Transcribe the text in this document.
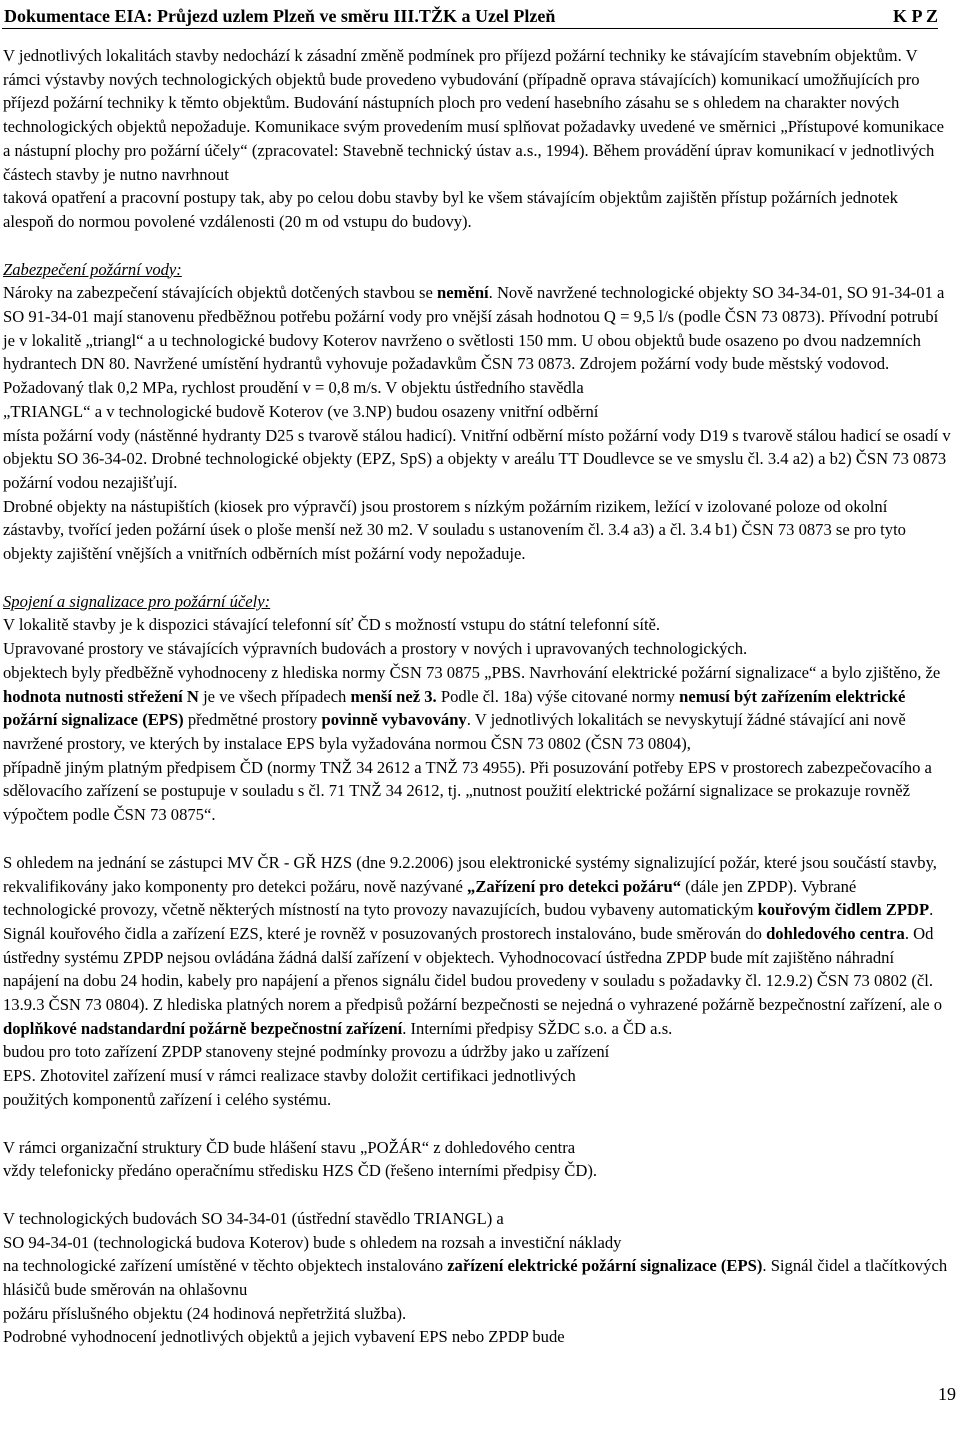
Dokumentace EIA: Průjezd uzlem Plzeň ve směru III.TŽK a Uzel Plzeň	K P Z

V jednotlivých lokalitách stavby nedochází k zásadní změně podmínek pro příjezd požární techniky ke stávajícím stavebním objektům. V rámci výstavby nových technologických objektů bude provedeno vybudování (případně oprava stávajících) komunikací umožňujících pro příjezd požární techniky k těmto objektům. Budování nástupních ploch pro vedení hasebního zásahu se s ohledem na charakter nových technologických objektů nepožaduje. Komunikace svým provedením musí splňovat požadavky uvedené ve směrnici „Přístupové komunikace a nástupní plochy pro požární účely“ (zpracovatel: Stavebně technický ústav a.s., 1994). Během provádění úprav komunikací v jednotlivých částech stavby je nutno navrhnout

taková opatření a pracovní postupy tak, aby po celou dobu stavby byl ke všem stávajícím objektům zajištěn přístup požárních jednotek alespoň do normou povolené vzdálenosti (20 m od vstupu do budovy).

Zabezpečení požární vody:

Nároky na zabezpečení stávajících objektů dotčených stavbou se nemění. Nově navržené technologické objekty SO 34-34-01, SO 91-34-01 a SO 91-34-01 mají stanovenu předběžnou potřebu požární vody pro vnější zásah hodnotou Q = 9,5 l/s (podle ČSN 73 0873). Přívodní potrubí je v lokalitě „triangl“ a u technologické budovy Koterov navrženo o světlosti 150 mm. U obou objektů bude osazeno po dvou nadzemních hydrantech DN 80. Navržené umístění hydrantů vyhovuje požadavkům ČSN 73 0873. Zdrojem požární vody bude městský vodovod. Požadovaný tlak 0,2 MPa, rychlost proudění v = 0,8 m/s. V objektu ústředního stavědla

„TRIANGL“ a v technologické budově Koterov (ve 3.NP) budou osazeny vnitřní odběrní

místa požární vody (nástěnné hydranty D25 s tvarově stálou hadicí). Vnitřní odběrní místo požární vody D19 s tvarově stálou hadicí se osadí v objektu SO 36-34-02. Drobné technologické objekty (EPZ, SpS) a objekty v areálu TT Doudlevce se ve smyslu čl. 3.4 a2) a b2) ČSN 73 0873 požární vodou nezajišťují.

Drobné objekty na nástupištích (kiosek pro výpravčí) jsou prostorem s nízkým požárním rizikem, ležící v izolované poloze od okolní zástavby, tvořící jeden požární úsek o ploše menší než 30 m2. V souladu s ustanovením čl. 3.4 a3) a čl. 3.4 b1) ČSN 73 0873 se pro tyto objekty zajištění vnějších a vnitřních odběrních míst požární vody nepožaduje.

Spojení a signalizace pro požární účely:

V lokalitě stavby je k dispozici stávající telefonní síť ČD s možností vstupu do státní telefonní sítě.

Upravované prostory ve stávajících výpravních budovách a prostory v nových i upravovaných technologických.

objektech byly předběžně vyhodnoceny z hlediska normy ČSN 73 0875 „PBS. Navrhování elektrické požární signalizace“ a bylo zjištěno, že hodnota nutnosti střežení N je ve všech případech menší než 3. Podle čl. 18a) výše citované normy nemusí být zařízením elektrické požární signalizace (EPS) předmětné prostory povinně vybavovány. V jednotlivých lokalitách se nevyskytují žádné stávající ani nově navržené prostory, ve kterých by instalace EPS byla vyžadována normou ČSN 73 0802 (ČSN 73 0804),

případně jiným platným předpisem ČD (normy TNŽ 34 2612 a TNŽ 73 4955). Při posuzování potřeby EPS v prostorech zabezpečovacího a sdělovacího zařízení se postupuje v souladu s čl. 71 TNŽ 34 2612, tj. „nutnost použití elektrické požární signalizace se prokazuje rovněž výpočtem podle ČSN 73 0875“.

S ohledem na jednání se zástupci MV ČR - GŘ HZS (dne 9.2.2006) jsou elektronické systémy signalizující požár, které jsou součástí stavby, rekvalifikovány jako komponenty pro detekci požáru, nově nazývané „Zařízení pro detekci požáru“ (dále jen ZPDP). Vybrané technologické provozy, včetně některých místností na tyto provozy navazujících, budou vybaveny automatickým kouřovým čidlem ZPDP. Signál kouřového čidla a zařízení EZS, které je rovněž v posuzovaných prostorech instalováno, bude směrován do dohledového centra. Od ústředny systému ZPDP nejsou ovládána žádná další zařízení v objektech. Vyhodnocovací ústředna ZPDP bude mít zajištěno náhradní napájení na dobu 24 hodin, kabely pro napájení a přenos signálu čidel budou provedeny v souladu s požadavky čl. 12.9.2) ČSN 73 0802 (čl. 13.9.3 ČSN 73 0804). Z hlediska platných norem a předpisů požární bezpečnosti se nejedná o vyhrazené požárně bezpečnostní zařízení, ale o doplňkové nadstandardní požárně bezpečnostní zařízení. Interními předpisy SŽDC s.o. a ČD a.s.

budou pro toto zařízení ZPDP stanoveny stejné podmínky provozu a údržby jako u zařízení

EPS. Zhotovitel zařízení musí v rámci realizace stavby doložit certifikaci jednotlivých

použitých komponentů zařízení i celého systému.

V rámci organizační struktury ČD bude hlášení stavu „POŽÁR“ z dohledového centra

vždy telefonicky předáno operačnímu středisku HZS ČD (řešeno interními předpisy ČD).

V technologických budovách SO 34-34-01 (ústřední stavědlo TRIANGL) a

SO 94-34-01 (technologická budova Koterov) bude s ohledem na rozsah a investiční náklady

na technologické zařízení umístěné v těchto objektech instalováno zařízení elektrické požární signalizace (EPS). Signál čidel a tlačítkových hlásičů bude směrován na ohlašovnu

požáru příslušného objektu (24 hodinová nepřetržitá služba).

Podrobné vyhodnocení jednotlivých objektů a jejich vybavení EPS nebo ZPDP bude

19
